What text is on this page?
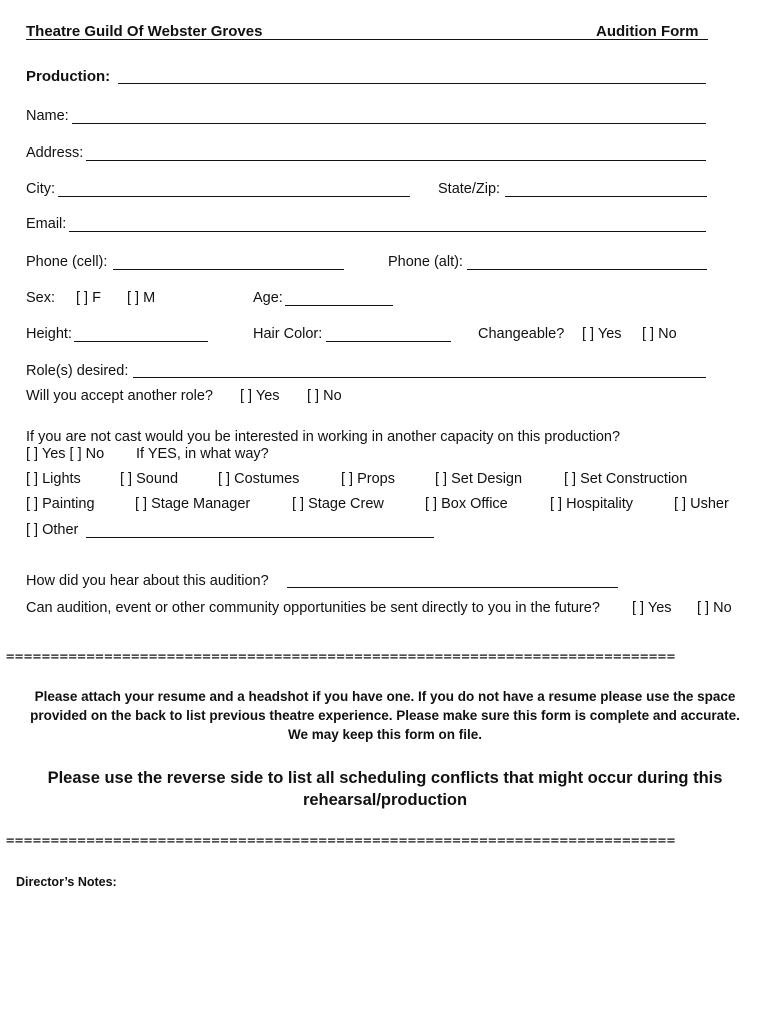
Theatre Guild Of Webster Groves	Audition Form
Production:
Name:
Address:
City:	State/Zip:
Email:
Phone (cell):	Phone (alt):
Sex: [ ] F [ ] M	Age:
Height:	Hair Color:	Changeable? [ ] Yes [ ] No
Role(s) desired:
Will you accept another role? [ ] Yes [ ] No
If you are not cast would you be interested in working in another capacity on this production?
[ ] Yes [ ] No If YES, in what way?
[ ] Lights	[ ] Sound	[ ] Costumes	[ ] Props	[ ] Set Design	[ ] Set Construction
[ ] Painting	[ ] Stage Manager	[ ] Stage Crew	[ ] Box Office	[ ] Hospitality	[ ] Usher
[ ] Other
How did you hear about this audition?
Can audition, event or other community opportunities be sent directly to you in the future? [ ] Yes [ ] No
===========================================================================
Please attach your resume and a headshot if you have one. If you do not have a resume please use the space provided on the back to list previous theatre experience. Please make sure this form is complete and accurate. We may keep this form on file.
Please use the reverse side to list all scheduling conflicts that might occur during this rehearsal/production
===========================================================================
Director’s Notes:
